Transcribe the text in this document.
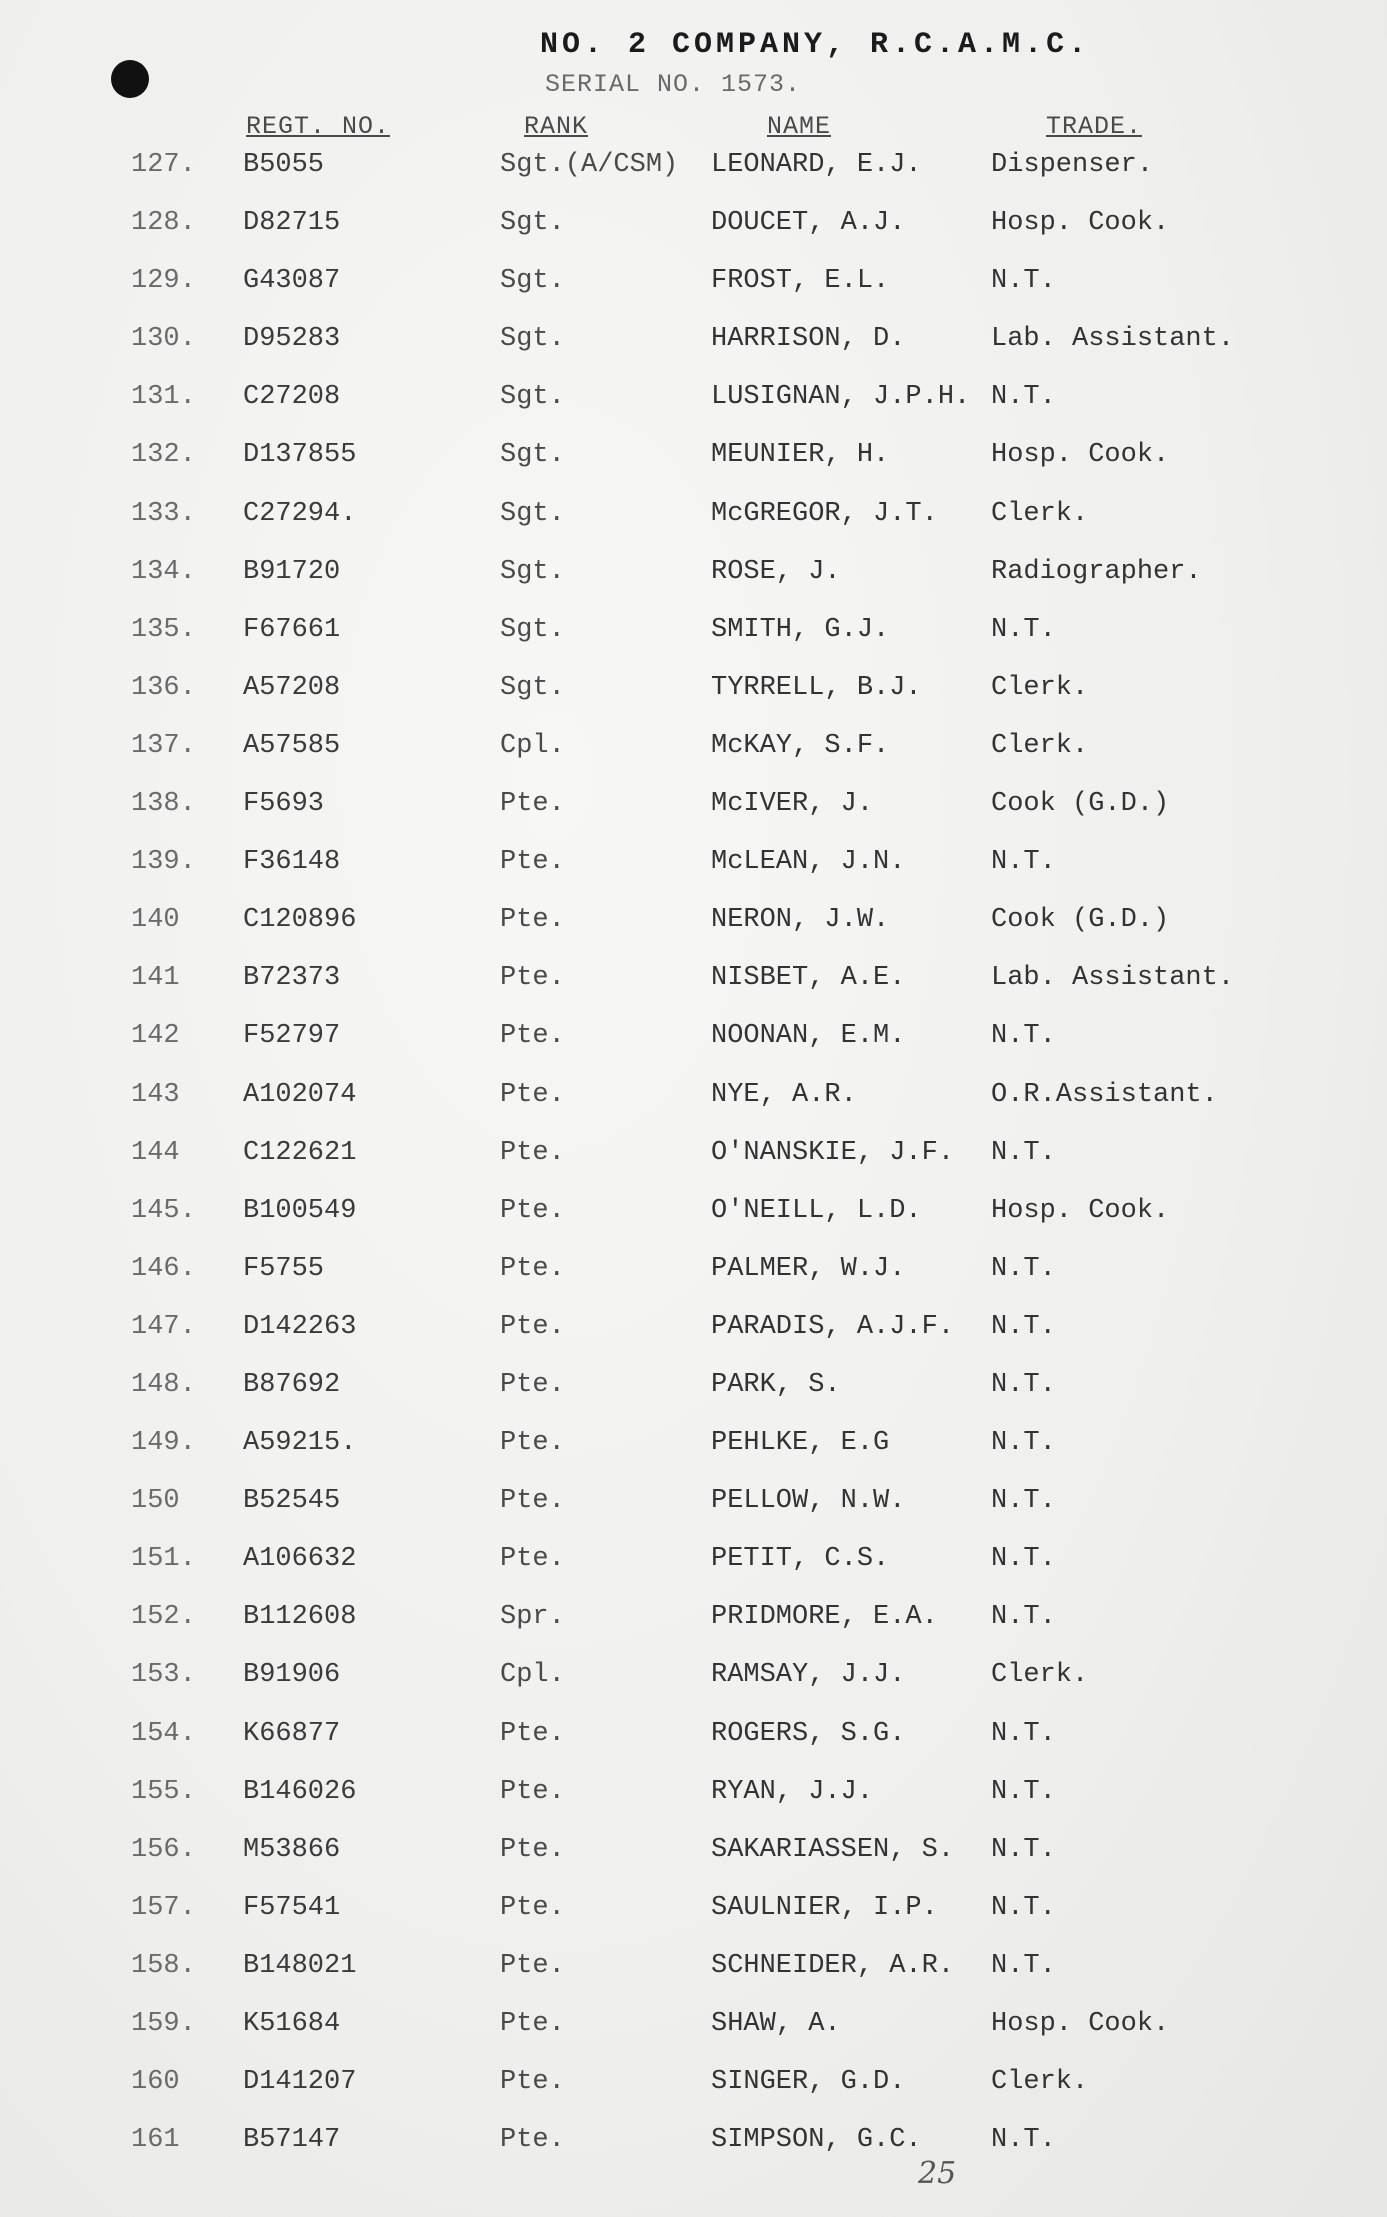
NO. 2 COMPANY, R.C.A.M.C.
SERIAL NO. 1573.
REGT. NO.	RANK	NAME	TRADE.
127. B5055	Sgt.(A/CSM) LEONARD, E.J.	Dispenser.
128. D82715	Sgt.	DOUCET, A.J.	Hosp. Cook.
129. G43087	Sgt.	FROST, E.L.	N.T.
130. D95283	Sgt.	HARRISON, D.	Lab. Assistant.
131. C27208	Sgt.	LUSIGNAN, J.P.H. N.T.
132. D137855	Sgt.	MEUNIER, H.	Hosp. Cook.
133. C27294.	Sgt.	McGREGOR, J.T. Clerk.
134. B91720	Sgt.	ROSE, J.	Radiographer.
135. F67661	Sgt.	SMITH, G.J.	N.T.
136. A57208	Sgt.	TYRRELL, B.J.	Clerk.
137. A57585	Cpl.	McKAY, S.F.	Clerk.
138. F5693	Pte.	McIVER, J.	Cook (G.D.)
139. F36148	Pte.	McLEAN, J.N.	N.T.
140 C120896	Pte.	NERON, J.W.	Cook (G.D.)
141 B72373	Pte.	NISBET, A.E.	Lab. Assistant.
142 F52797	Pte.	NOONAN, E.M.	N.T.
143 A102074	Pte.	NYE, A.R.	O.R.Assistant.
144 C122621	Pte.	O'NANSKIE, J.F. N.T.
145. B100549	Pte.	O'NEILL, L.D.	Hosp. Cook.
146. F5755	Pte.	PALMER, W.J.	N.T.
147. D142263	Pte.	PARADIS, A.J.F. N.T.
148. B87692	Pte.	PARK, S.	N.T.
149. A59215.	Pte.	PEHLKE, E.G	N.T.
150 B52545	Pte.	PELLOW, N.W.	N.T.
151. A106632	Pte.	PETIT, C.S.	N.T.
152. B112608	Spr.	PRIDMORE, E.A. N.T.
153. B91906	Cpl.	RAMSAY, J.J.	Clerk.
154. K66877	Pte.	ROGERS, S.G.	N.T.
155. B146026	Pte.	RYAN, J.J.	N.T.
156. M53866	Pte.	SAKARIASSEN, S. N.T.
157. F57541	Pte.	SAULNIER, I.P. N.T.
158. B148021	Pte.	SCHNEIDER, A.R. N.T.
159. K51684	Pte.	SHAW, A.	Hosp. Cook.
160 D141207	Pte.	SINGER, G.D.	Clerk.
161 B57147	Pte.	SIMPSON, G.C.	N.T.
25
